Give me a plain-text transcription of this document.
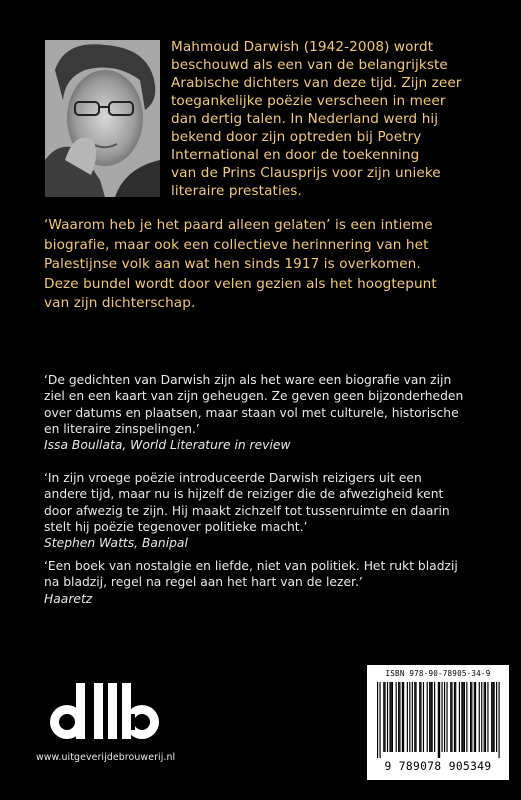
Mahmoud Darwish (1942-2008) wordt
beschouwd als een van de belangrijkste
Arabische dichters van deze tijd. Zijn zeer
toegankelijke poëzie verscheen in meer
dan dertig talen. In Nederland werd hij
bekend door zijn optreden bij Poetry
International en door de toekenning
van de Prins Clausprijs voor zijn unieke
literaire prestaties.
‘Waarom heb je het paard alleen gelaten’ is een intieme
biografie, maar ook een collectieve herinnering van het
Palestijnse volk aan wat hen sinds 1917 is overkomen.
Deze bundel wordt door velen gezien als het hoogtepunt
van zijn dichterschap.

‘De gedichten van Darwish zijn als het ware een biografie van zijn
ziel en een kaart van zijn geheugen. Ze geven geen bijzonderheden
over datums en plaatsen, maar staan vol met culturele, historische
en literaire zinspelingen.’

Issa Boullata, World Literature in review

‘In zijn vroege poëzie introduceerde Darwish reizigers uit een
andere tijd, maar nu is hijzelf de reiziger die de afwezigheid kent
door afwezig te zijn. Hij maakt zichzelf tot tussenruimte en daarin
stelt hij poëzie tegenover politieke macht.’

Stephen Watts, Banipal

‘Een boek van nostalgie en liefde, niet van politiek. Het rukt bladzij
na bladzij, regel na regel aan het hart van de lezer.’

Haaretz

www.uitgeverijdebrouwerij.nl
ISBN 978-90-78905-34-9
9 789078 905349
